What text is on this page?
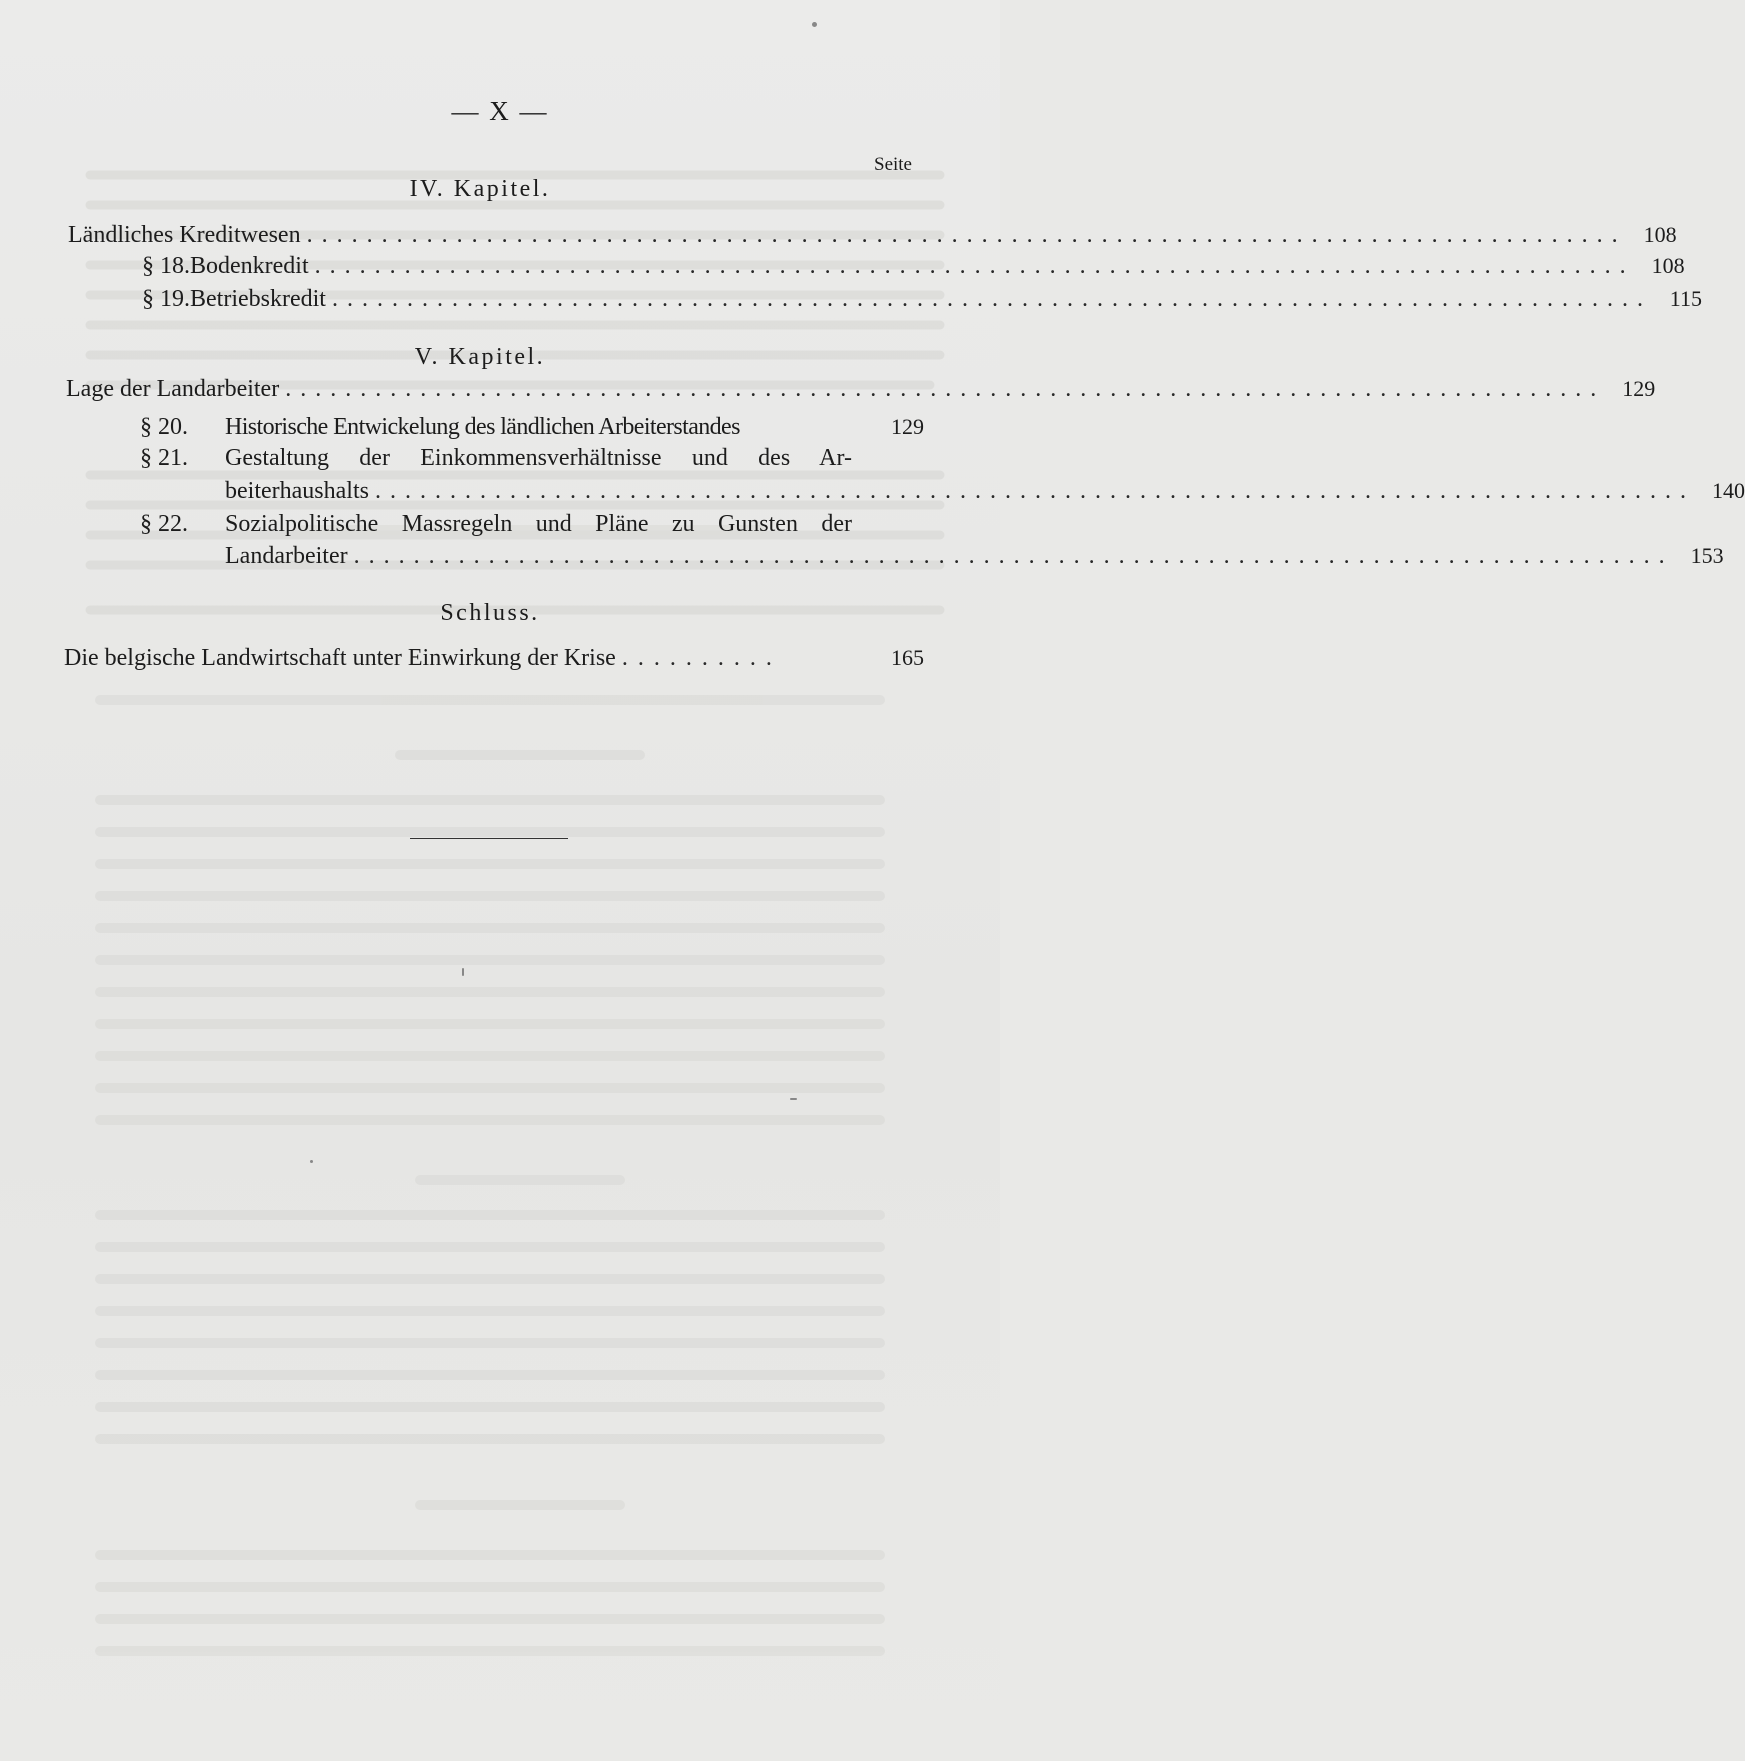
— X —
Seite
IV. Kapitel.
Ländliches Kreditwesen ........................................................................................ 108
§ 18. Bodenkredit ........................................................................................ 108
§ 19. Betriebskredit ........................................................................................ 115
V. Kapitel.
Lage der Landarbeiter ........................................................................................ 129
§ 20.	Historische Entwickelung des ländlichen Arbeiterstandes	129
§ 21. Gestaltung der Einkommensverhältnisse und des Ar-
beiterhaushalts ........................................................................................ 140
§ 22. Sozialpolitische Massregeln und Pläne zu Gunsten der
Landarbeiter ........................................................................................ 153
Schluss.
Die belgische Landwirtschaft unter Einwirkung der Krise ..........	165
